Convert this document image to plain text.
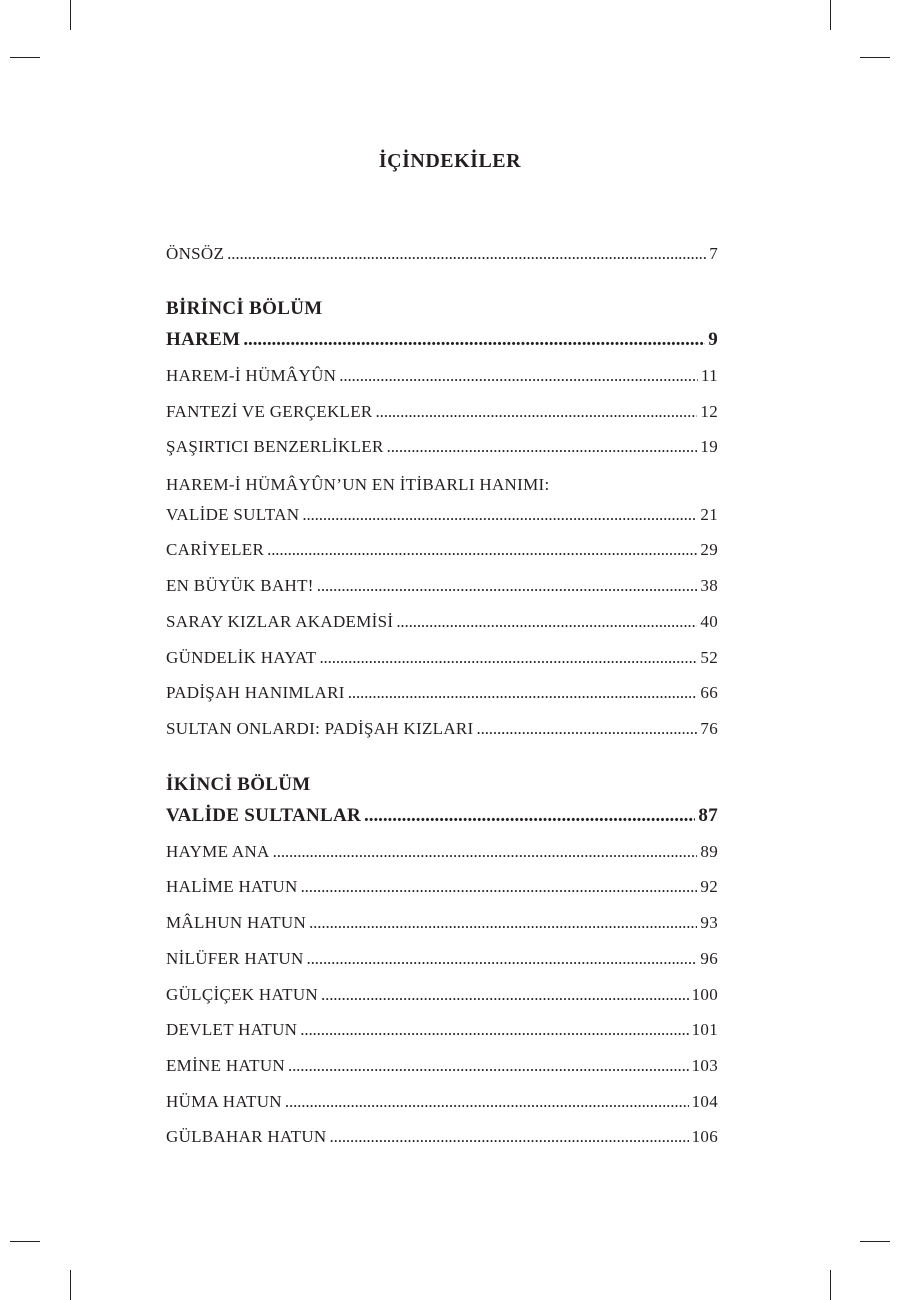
İÇİNDEKİLER
ÖNSÖZ . . .	7
BİRİNCİ BÖLÜM
HAREM . . .	9
HAREM-İ HÜMÂYÛN . . .	11
FANTEZİ VE GERÇEKLER . . .	12
ŞAŞIRTICI BENZERLİKLER . . .	19
HAREM-İ HÜMÂYÛN’UN EN İTİBARLI HANIMI:
VALİDE SULTAN . . .	21
CARİYELER . . .	29
EN BÜYÜK BAHT! . . .	38
SARAY KIZLAR AKADEMİSİ . . .	40
GÜNDELİK HAYAT . . .	52
PADİŞAH HANIMLARI . . .	66
SULTAN ONLARDI: PADİŞAH KIZLARI . . .	76
İKİNCİ BÖLÜM
VALİDE SULTANLAR . . .	87
HAYME ANA . . .	89
HALİME HATUN . . .	92
MÂLHUN HATUN . . .	93
NİLÜFER HATUN . . .	96
GÜLÇİÇEK HATUN . . .	100
DEVLET HATUN . . .	101
EMİNE HATUN . . .	103
HÜMA HATUN . . .	104
GÜLBAHAR HATUN . . .	106
